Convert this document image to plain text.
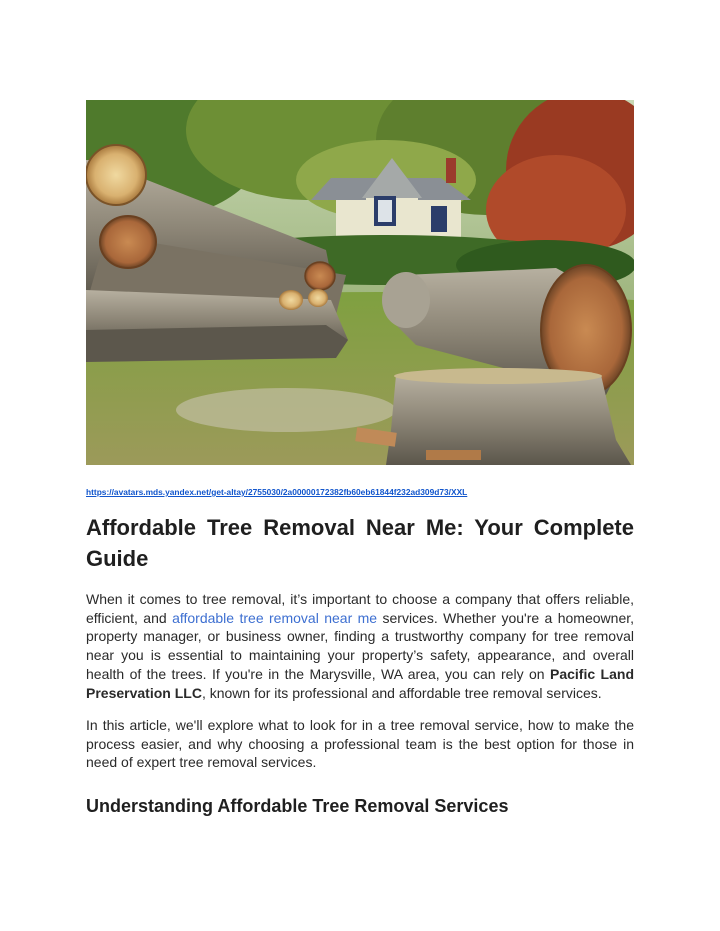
https://avatars.mds.yandex.net/get-altay/2755030/2a00000172382fb60eb61844f232ad309d73/XXL
Affordable Tree Removal Near Me: Your Complete Guide

When it comes to tree removal, it’s important to choose a company that offers reliable, efficient, and affordable tree removal near me services. Whether you're a homeowner, property manager, or business owner, finding a trustworthy company for tree removal near you is essential to maintaining your property’s safety, appearance, and overall health of the trees. If you're in the Marysville, WA area, you can rely on Pacific Land Preservation LLC, known for its professional and affordable tree removal services.

In this article, we'll explore what to look for in a tree removal service, how to make the process easier, and why choosing a professional team is the best option for those in need of expert tree removal services.

Understanding Affordable Tree Removal Services
